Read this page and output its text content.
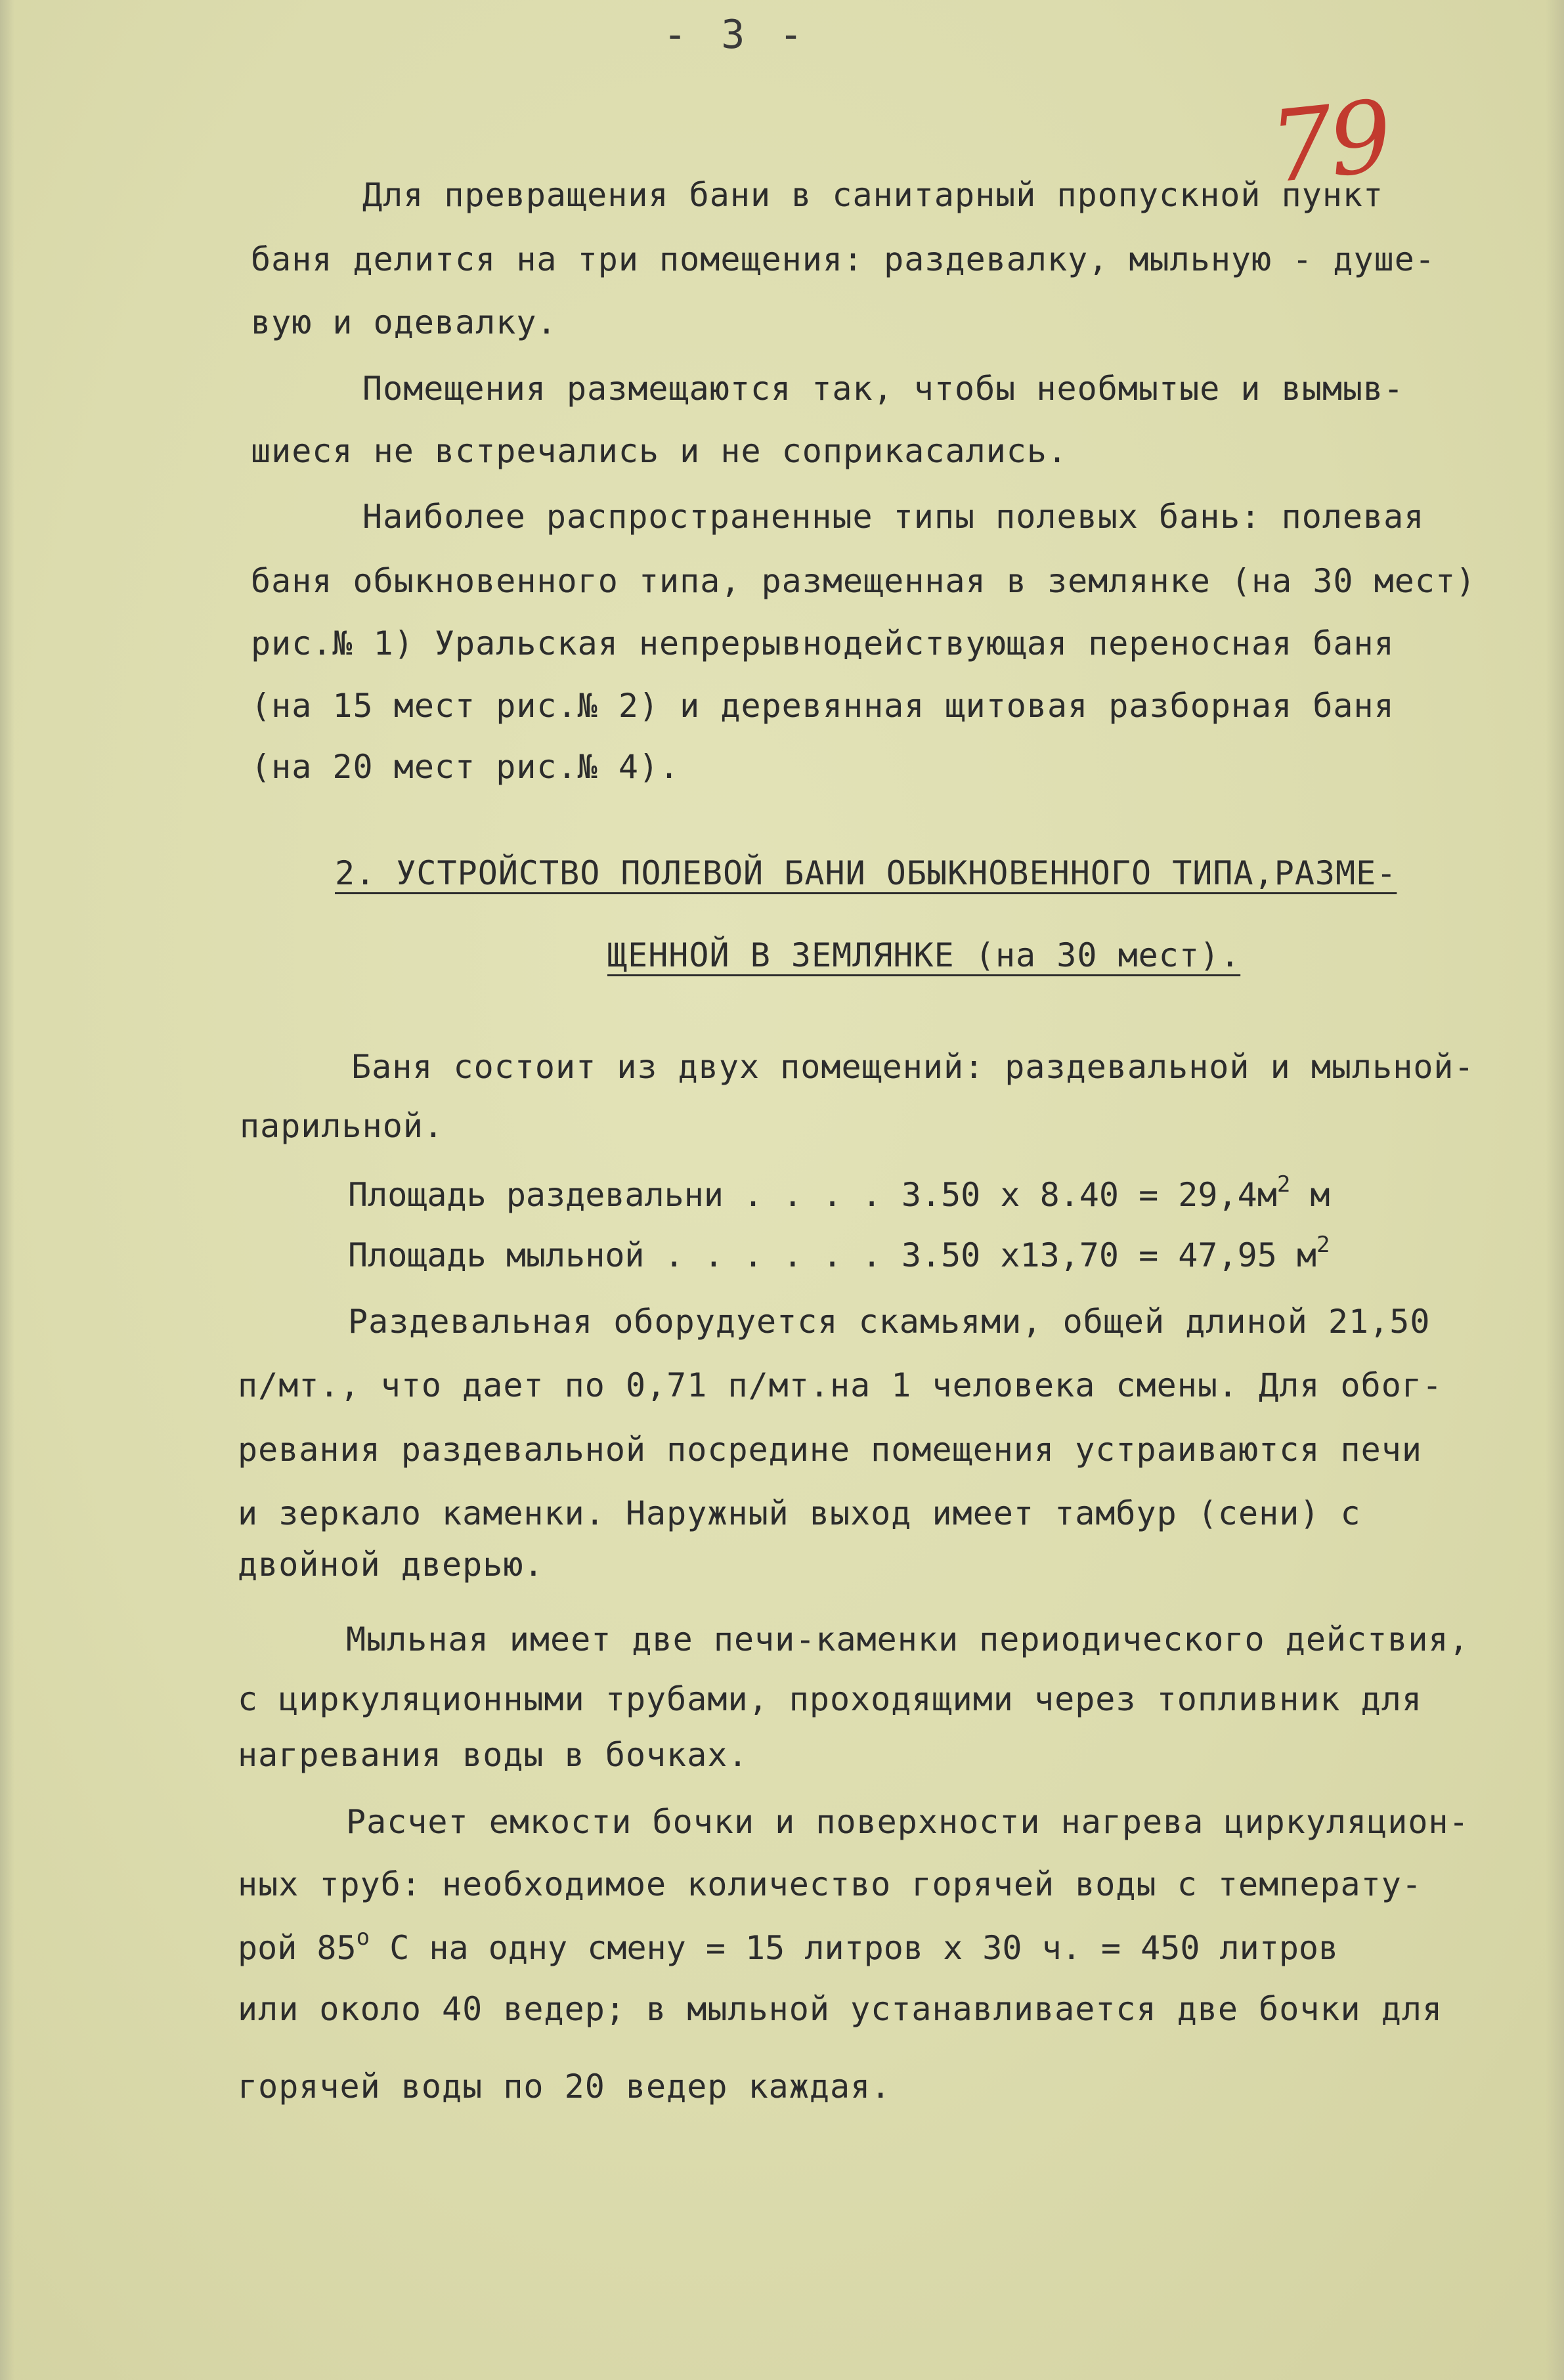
- 3 -
79
Для превращения бани в санитарный пропускной пункт
баня делится на три помещения: раздевалку, мыльную - душе-
вую и одевалку.
Помещения размещаются так, чтобы необмытые и вымыв-
шиеся не встречались и не соприкасались.
Наиболее распространенные типы полевых бань: полевая
баня обыкновенного типа, размещенная в землянке (на 30 мест)
рис.№ 1) Уральская непрерывнодействующая переносная баня
(на 15 мест рис.№ 2) и деревянная щитовая разборная баня
(на 20 мест рис.№ 4).
2. УСТРОЙСТВО ПОЛЕВОЙ БАНИ ОБЫКНОВЕННОГО ТИПА,РАЗМЕ-
ЩЕННОЙ В ЗЕМЛЯНКЕ (на 30 мест).
Баня состоит из двух помещений: раздевальной и мыльной-
парильной.
Площадь раздевальни . . . . 3.50 х $8.40 = 29,4м^2$ м
Площадь мыльной . . . . . . 3.50 х13,70 = 47,95 $м^2$
Раздевальная оборудуется скамьями, общей длиной 21,50
п/мт., что дает по 0,71 п/мт.на 1 человека смены. Для обог-
ревания раздевальной посредине помещения устраиваются печи
и зеркало каменки. Наружный выход имеет тамбур (сени) с
двойной дверью.
Мыльная имеет две печи-каменки периодического действия,
с циркуляционными трубами, проходящими через топливник для
нагревания воды в бочках.
Расчет емкости бочки и поверхности нагрева циркуляцион-
ных труб: необходимое количество горячей воды с температу-
рой $85^о$ С на одну смену = 15 литров х 30 ч. = 450 литров
или около 40 ведер; в мыльной устанавливается две бочки для
горячей воды по 20 ведер каждая.
